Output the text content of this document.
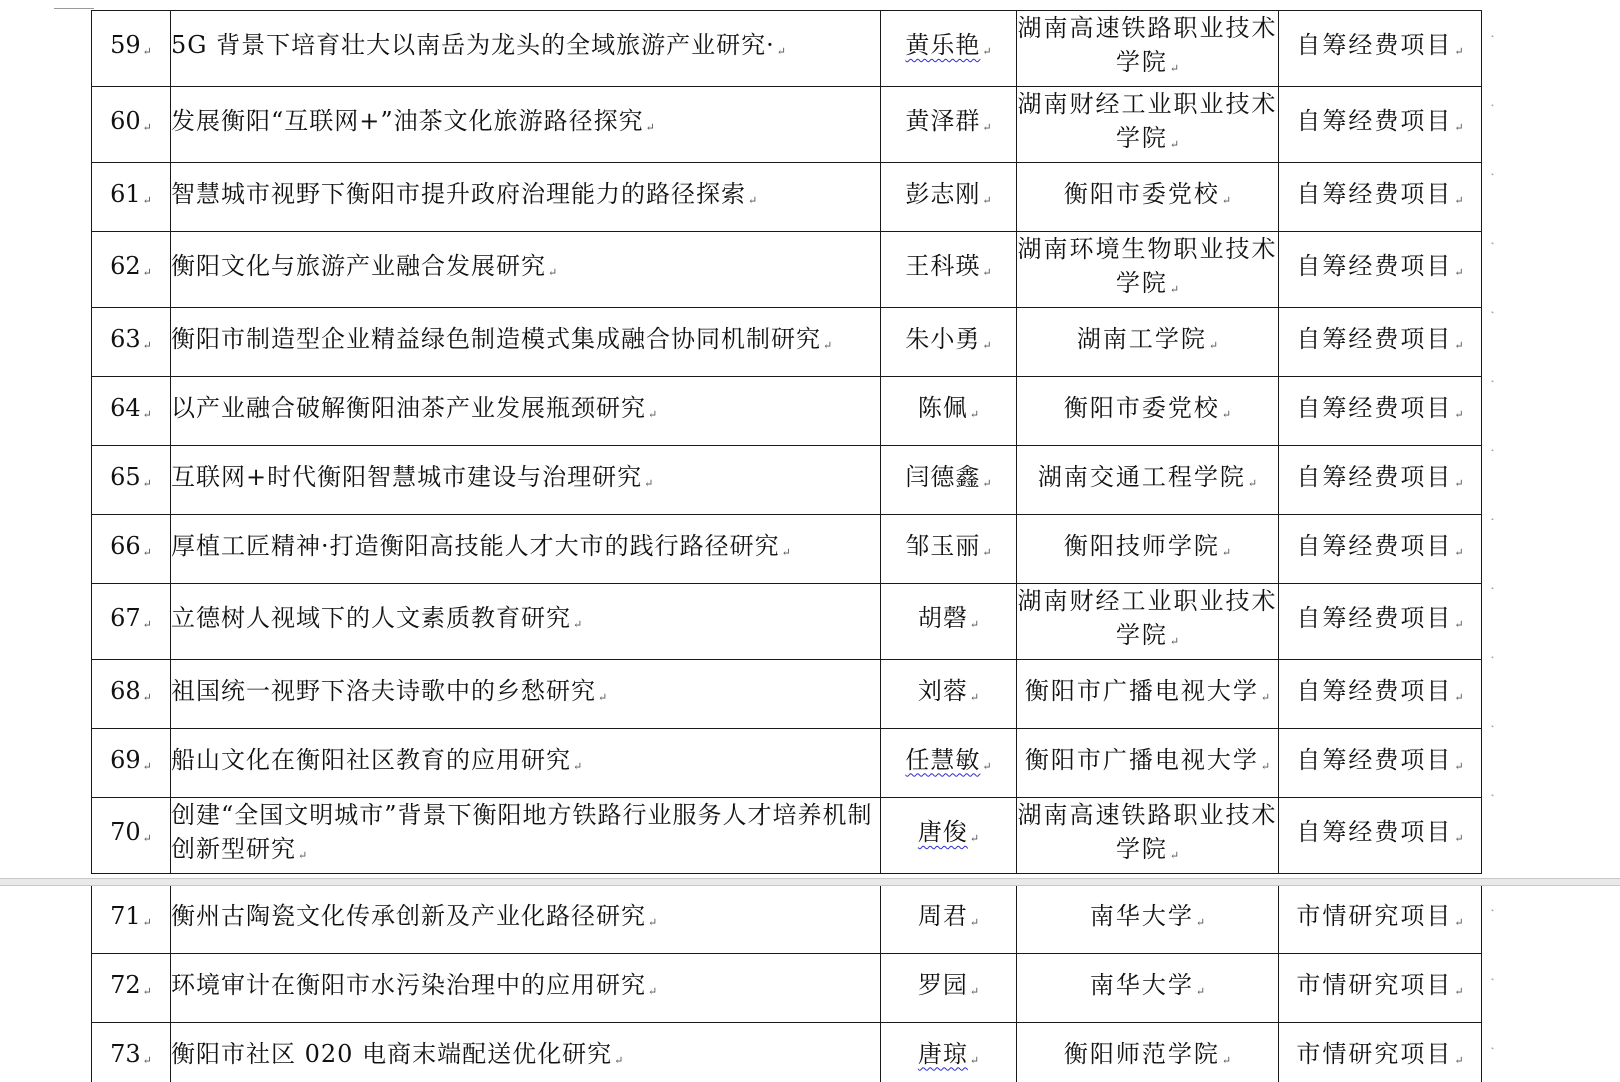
59 ↵	5G 背景下培育壮大以南岳为龙头的全域旅游产业研究· ↵	黄乐艳 ↵	湖南高速铁路职业技术学院 ↵	自筹经费项目 ↵
60 ↵	发展衡阳“互联网+”油茶文化旅游路径探究 ↵	黄泽群 ↵	湖南财经工业职业技术学院 ↵	自筹经费项目 ↵
61 ↵	智慧城市视野下衡阳市提升政府治理能力的路径探索 ↵	彭志刚 ↵	衡阳市委党校 ↵	自筹经费项目 ↵
62 ↵	衡阳文化与旅游产业融合发展研究 ↵	王科瑛 ↵	湖南环境生物职业技术学院 ↵	自筹经费项目 ↵
63 ↵	衡阳市制造型企业精益绿色制造模式集成融合协同机制研究 ↵	朱小勇 ↵	湖南工学院 ↵	自筹经费项目 ↵
64 ↵	以产业融合破解衡阳油茶产业发展瓶颈研究 ↵	陈佩 ↵	衡阳市委党校 ↵	自筹经费项目 ↵
65 ↵	互联网+时代衡阳智慧城市建设与治理研究 ↵	闫德鑫 ↵	湖南交通工程学院 ↵	自筹经费项目 ↵
66 ↵	厚植工匠精神·打造衡阳高技能人才大市的践行路径研究 ↵	邹玉丽 ↵	衡阳技师学院 ↵	自筹经费项目 ↵
67 ↵	立德树人视域下的人文素质教育研究 ↵	胡磬 ↵	湖南财经工业职业技术学院 ↵	自筹经费项目 ↵
68 ↵	祖国统一视野下洛夫诗歌中的乡愁研究 ↵	刘蓉 ↵	衡阳市广播电视大学 ↵	自筹经费项目 ↵
69 ↵	船山文化在衡阳社区教育的应用研究 ↵	任慧敏 ↵	衡阳市广播电视大学 ↵	自筹经费项目 ↵
70 ↵	创建“全国文明城市”背景下衡阳地方铁路行业服务人才培养机制创新型研究 ↵	唐俊 ↵	湖南高速铁路职业技术学院 ↵	自筹经费项目 ↵
˛
˛
˛
˛
˛
˛
˛
˛
˛
˛
˛
˛
71 ↵	衡州古陶瓷文化传承创新及产业化路径研究 ↵	周君 ↵	南华大学 ↵	市情研究项目 ↵
72 ↵	环境审计在衡阳市水污染治理中的应用研究 ↵	罗园 ↵	南华大学 ↵	市情研究项目 ↵
73 ↵	衡阳市社区 020 电商末端配送优化研究 ↵	唐琼 ↵	衡阳师范学院 ↵	市情研究项目 ↵
˛
˛
˛
